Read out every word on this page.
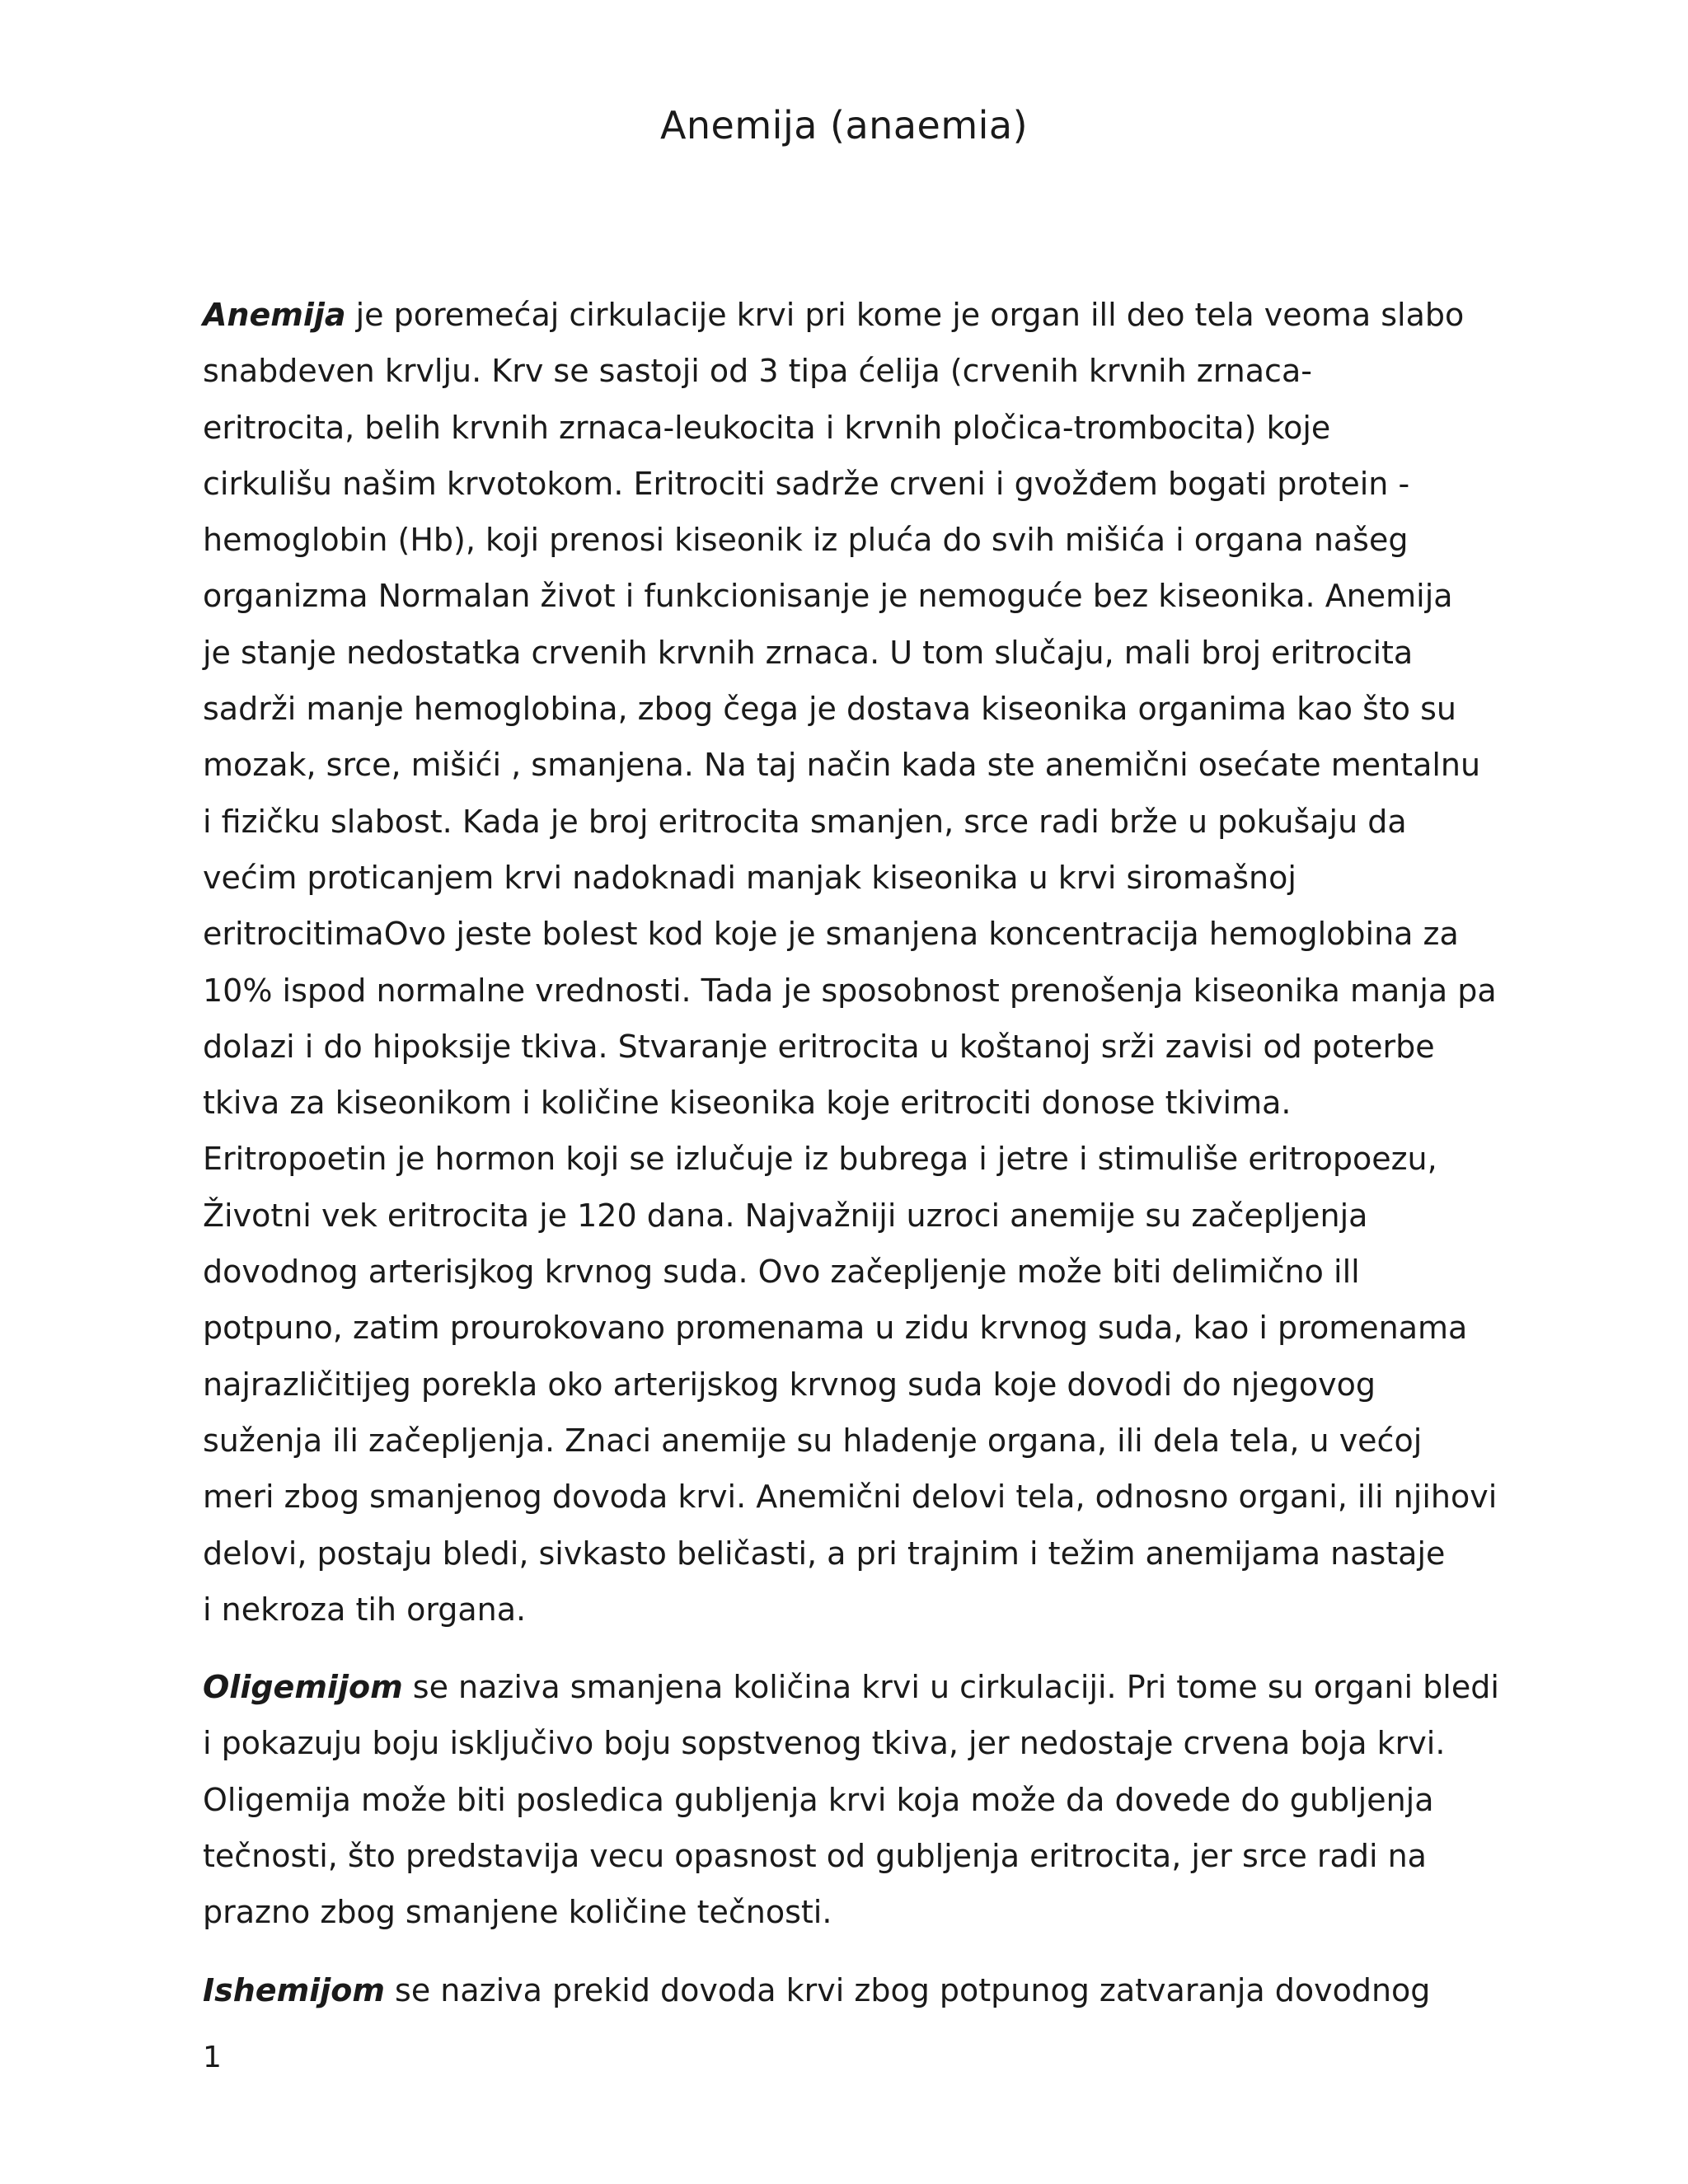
Anemija (anaemia)
Anemija je poremećaj cirkulacije krvi pri kome je organ ill deo tela veoma slabo
snabdeven krvlju. Krv se sastoji od 3 tipa ćelija (crvenih krvnih zrnaca-
eritrocita, belih krvnih zrnaca-leukocita i krvnih pločica-trombocita) koje
cirkulišu našim krvotokom. Eritrociti sadrže crveni i gvožđem bogati protein -
hemoglobin (Hb), koji prenosi kiseonik iz pluća do svih mišića i organa našeg
organizma Normalan život i funkcionisanje je nemoguće bez kiseonika. Anemija
je stanje nedostatka crvenih krvnih zrnaca. U tom slučaju, mali broj eritrocita
sadrži manje hemoglobina, zbog čega je dostava kiseonika organima kao što su
mozak, srce, mišići , smanjena. Na taj način kada ste anemični osećate mentalnu
i fizičku slabost. Kada je broj eritrocita smanjen, srce radi brže u pokušaju da
većim proticanjem krvi nadoknadi manjak kiseonika u krvi siromašnoj
eritrocitimaOvo jeste bolest kod koje je smanjena koncentracija hemoglobina za
10% ispod normalne vrednosti. Tada je sposobnost prenošenja kiseonika manja pa
dolazi i do hipoksije tkiva. Stvaranje eritrocita u koštanoj srži zavisi od poterbe
tkiva za kiseonikom i količine kiseonika koje eritrociti donose tkivima.
Eritropoetin je hormon koji se izlučuje iz bubrega i jetre i stimuliše eritropoezu,
Životni vek eritrocita je 120 dana. Najvažniji uzroci anemije su začepljenja
dovodnog arterisjkog krvnog suda. Ovo začepljenje može biti delimično ill
potpuno, zatim prourokovano promenama u zidu krvnog suda, kao i promenama
najrazličitijeg porekla oko arterijskog krvnog suda koje dovodi do njegovog
suženja ili začepljenja. Znaci anemije su hladenje organa, ili dela tela, u većoj
meri zbog smanjenog dovoda krvi. Anemični delovi tela, odnosno organi, ili njihovi
delovi, postaju bledi, sivkasto beličasti, a pri trajnim i težim anemijama nastaje
i nekroza tih organa.
Oligemijom se naziva smanjena količina krvi u cirkulaciji. Pri tome su organi bledi
i pokazuju boju isključivo boju sopstvenog tkiva, jer nedostaje crvena boja krvi.
Oligemija može biti posledica gubljenja krvi koja može da dovede do gubljenja
tečnosti, što predstavija vecu opasnost od gubljenja eritrocita, jer srce radi na
prazno zbog smanjene količine tečnosti.
Ishemijom se naziva prekid dovoda krvi zbog potpunog zatvaranja dovodnog
1
